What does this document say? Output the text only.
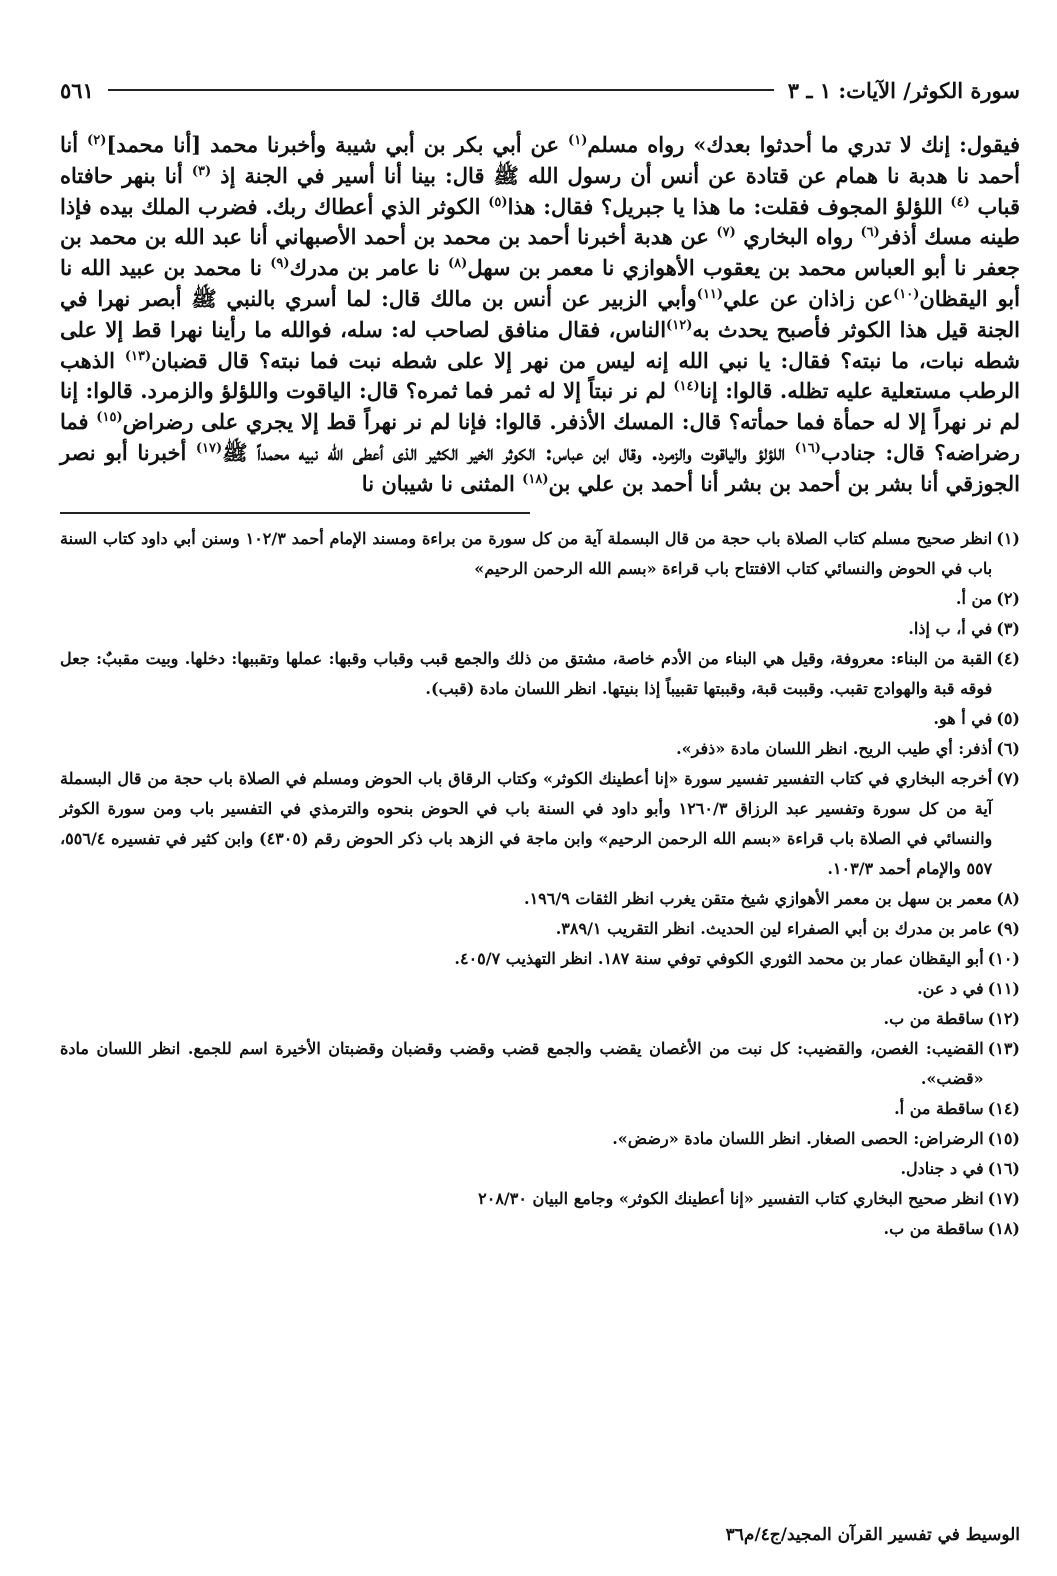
سورة الكوثر/ الآيات: ١ ـ ٣
٥٦١

فيقول: إنك لا تدري ما أحدثوا بعدك» رواه مسلم$^{(١)}$ عن أبي بكر بن أبي شيبة وأخبرنا محمد [أنا محمد]$^{(٢)}$ أنا أحمد نا هدبة نا همام عن قتادة عن أنس أن رسول الله ﷺ قال: بينا أنا أسير في الجنة إذ $^{(٣)}$ أنا بنهر حافتاه قباب $^{(٤)}$ اللؤلؤ المجوف فقلت: ما هذا يا جبريل؟ فقال: هذا$^{(٥)}$ الكوثر الذي أعطاك ربك. فضرب الملك بيده فإذا طينه مسك أذفر$^{(٦)}$ رواه البخاري $^{(٧)}$ عن هدبة أخبرنا أحمد بن محمد بن أحمد الأصبهاني أنا عبد الله بن محمد بن جعفر نا أبو العباس محمد بن يعقوب الأهوازي نا معمر بن سهل$^{(٨)}$ نا عامر بن مدرك$^{(٩)}$ نا محمد بن عبيد الله نا أبو اليقظان$^{(١٠)}$عن زاذان عن علي$^{(١١)}$وأبي الزبير عن أنس بن مالك قال: لما أسري بالنبي ﷺ أبصر نهرا في الجنة قيل هذا الكوثر فأصبح يحدث به$^{(١٢)}$الناس، فقال منافق لصاحب له: سله، فوالله ما رأينا نهرا قط إلا على شطه نبات، ما نبته؟ فقال: يا نبي الله إنه ليس من نهر إلا على شطه نبت فما نبته؟ قال قضبان$^{(١٣)}$ الذهب الرطب مستعلية عليه تظله. قالوا: إنا$^{(١٤)}$ لم نر نبتاً إلا له ثمر فما ثمره؟ قال: الياقوت واللؤلؤ والزمرد. قالوا: إنا لم نر نهراً إلا له حمأة فما حمأته؟ قال: المسك الأذفر. قالوا: فإنا لم نر نهراً قط إلا يجري على رضراض$^{(١٥)}$ فما رضراضه؟ قال: جنادب$^{(١٦)}$ اللؤلؤ والياقوت والزمرد. وقال ابن عباس: الكوثر الخير الكثير الذى أعطى الله نبيه محمداً ﷺ$^{(١٧)}$ أخبرنا أبو نصر الجوزقي أنا بشر بن أحمد بن بشر أنا أحمد بن علي بن$^{(١٨)}$ المثنى نا شيبان نا

(١)
انظر صحيح مسلم كتاب الصلاة باب حجة من قال البسملة آية من كل سورة من براءة ومسند الإمام أحمد ١٠٢/٣ وسنن أبي داود كتاب السنة باب في الحوض والنسائي كتاب الافتتاح باب قراءة «بسم الله الرحمن الرحيم»
(٢)
من أ.
(٣)
في أ، ب إذا.
(٤)
القبة من البناء: معروفة، وقيل هي البناء من الأدم خاصة، مشتق من ذلك والجمع قبب وقباب وقبها: عملها وتقببها: دخلها. وبيت مقببٌ: جعل فوقه قبة والهوادج تقبب. وقببت قبة، وقببتها تقبيباً إذا بنيتها. انظر اللسان مادة (قبب).
(٥)
في أ هو.
(٦)
أذفر: أي طيب الريح. انظر اللسان مادة «ذفر».
(٧)
أخرجه البخاري في كتاب التفسير تفسير سورة «إنا أعطينك الكوثر» وكتاب الرقاق باب الحوض ومسلم في الصلاة باب حجة من قال البسملة آية من كل سورة وتفسير عبد الرزاق ١٢٦٠/٣ وأبو داود في السنة باب في الحوض بنحوه والترمذي في التفسير باب ومن سورة الكوثر والنسائي في الصلاة باب قراءة «بسم الله الرحمن الرحيم» وابن ماجة في الزهد باب ذكر الحوض رقم (٤٣٠٥) وابن كثير في تفسيره ٥٥٦/٤، ٥٥٧ والإمام أحمد ١٠٣/٣.
(٨)
معمر بن سهل بن معمر الأهوازي شيخ متقن يغرب انظر الثقات ١٩٦/٩.
(٩)
عامر بن مدرك بن أبي الصفراء لين الحديث. انظر التقريب ٣٨٩/١.
(١٠)
أبو اليقظان عمار بن محمد الثوري الكوفي توفي سنة ١٨٧. انظر التهذيب ٤٠٥/٧.
(١١)
في د عن.
(١٢)
ساقطة من ب.
(١٣)
القضيب: الغصن، والقضيب: كل نبت من الأغصان يقضب والجمع قضب وقضب وقضبان وقضبتان الأخيرة اسم للجمع. انظر اللسان مادة «قضب».
(١٤)
ساقطة من أ.
(١٥)
الرضراض: الحصى الصغار. انظر اللسان مادة «رضض».
(١٦)
في د جنادل.
(١٧)
انظر صحيح البخاري كتاب التفسير «إنا أعطينك الكوثر» وجامع البيان ٢٠٨/٣٠
(١٨)
ساقطة من ب.
الوسيط في تفسير القرآن المجيد/ج٤/م٣٦
